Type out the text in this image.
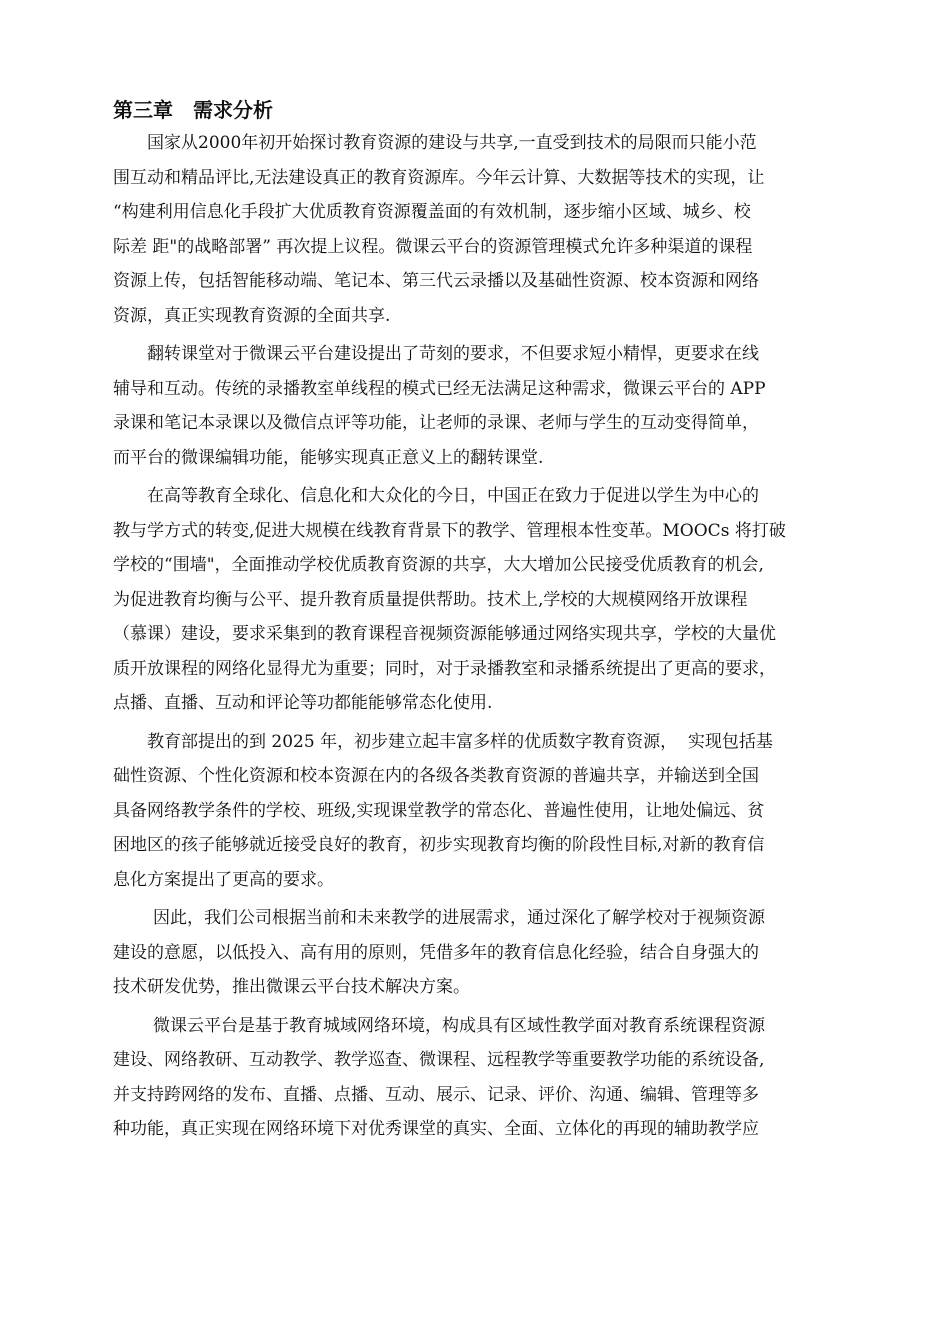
第三章　需求分析
国家从2000年初开始探讨教育资源的建设与共享,一直受到技术的局限而只能小范
围互动和精品评比,无法建设真正的教育资源库。今年云计算、大数据等技术的实现，让
“构建利用信息化手段扩大优质教育资源覆盖面的有效机制，逐步缩小区域、城乡、校
际差 距"的战略部署” 再次提上议程。微课云平台的资源管理模式允许多种渠道的课程
资源上传，包括智能移动端、笔记本、第三代云录播以及基础性资源、校本资源和网络
资源，真正实现教育资源的全面共享.
翻转课堂对于微课云平台建设提出了苛刻的要求，不但要求短小精悍，更要求在线
辅导和互动。传统的录播教室单线程的模式已经无法满足这种需求，微课云平台的 APP
录课和笔记本录课以及微信点评等功能，让老师的录课、老师与学生的互动变得简单，
而平台的微课编辑功能，能够实现真正意义上的翻转课堂.
在高等教育全球化、信息化和大众化的今日，中国正在致力于促进以学生为中心的
教与学方式的转变,促进大规模在线教育背景下的教学、管理根本性变革。MOOCs 将打破
学校的“围墙"，全面推动学校优质教育资源的共享，大大增加公民接受优质教育的机会,
为促进教育均衡与公平、提升教育质量提供帮助。技术上,学校的大规模网络开放课程
（慕课）建设，要求采集到的教育课程音视频资源能够通过网络实现共享，学校的大量优
质开放课程的网络化显得尤为重要；同时，对于录播教室和录播系统提出了更高的要求，
点播、直播、互动和评论等功都能能够常态化使用.
教育部提出的到 2025 年，初步建立起丰富多样的优质数字教育资源，  实现包括基
础性资源、个性化资源和校本资源在内的各级各类教育资源的普遍共享，并输送到全国
具备网络教学条件的学校、班级,实现课堂教学的常态化、普遍性使用，让地处偏远、贫
困地区的孩子能够就近接受良好的教育，初步实现教育均衡的阶段性目标,对新的教育信
息化方案提出了更高的要求。
因此，我们公司根据当前和未来教学的进展需求，通过深化了解学校对于视频资源
建设的意愿，以低投入、高有用的原则，凭借多年的教育信息化经验，结合自身强大的
技术研发优势，推出微课云平台技术解决方案。
微课云平台是基于教育城域网络环境，构成具有区域性教学面对教育系统课程资源
建设、网络教研、互动教学、教学巡查、微课程、远程教学等重要教学功能的系统设备,
并支持跨网络的发布、直播、点播、互动、展示、记录、评价、沟通、编辑、管理等多
种功能，真正实现在网络环境下对优秀课堂的真实、全面、立体化的再现的辅助教学应
